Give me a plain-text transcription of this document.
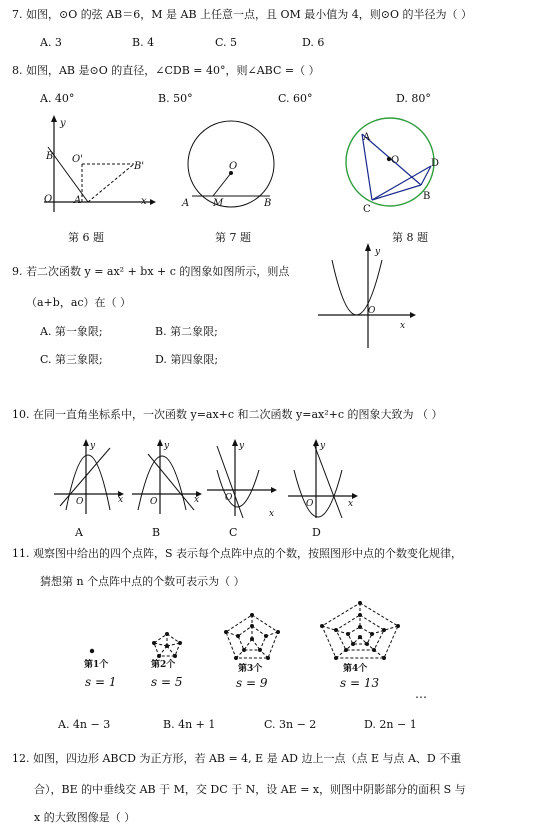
7. 如图，⊙O 的弦 AB＝6，M 是 AB 上任意一点，且 OM 最小值为 4，则⊙O 的半径为（ ）
A. 3	B. 4	C. 5	D. 6
8. 如图，AB 是⊙O 的直径，∠CDB = 40°，则∠ABC =（ ）
A. 40°	B. 50°	C. 60°	D. 80°
y
B O'
B'
O A	x
第 6 题
O
A M	B
第 7 题
A
O	D
B
C
第 8 题
9. 若二次函数 y = ax² + bx + c 的图象如图所示，则点
（a+b，ac）在（ ）
A. 第一象限;	B. 第二象限;
C. 第三象限;	D. 第四象限;
y
O
x
10. 在同一直角坐标系中，一次函数 y=ax+c 和二次函数 y=ax²+c 的图象大致为 （ ）
y
O	x
A
y
O	x
B
y
O
x
C
y
O	x
D
11. 观察图中给出的四个点阵，S 表示每个点阵中点的个数，按照图形中点的个数变化规律，
猜想第 n 个点阵中点的个数可表示为（ ）
第1个
s = 1
第2个
s = 5
第3个
s = 9
第4个
s = 13
…
A. 4n − 3	B. 4n + 1	C. 3n − 2	D. 2n − 1
12. 如图，四边形 ABCD 为正方形，若 AB = 4, E 是 AD 边上一点（点 E 与点 A、D 不重
合），BE 的中垂线交 AB 于 M，交 DC 于 N，设 AE = x，则图中阴影部分的面积 S 与
x 的大致图像是（ ）
